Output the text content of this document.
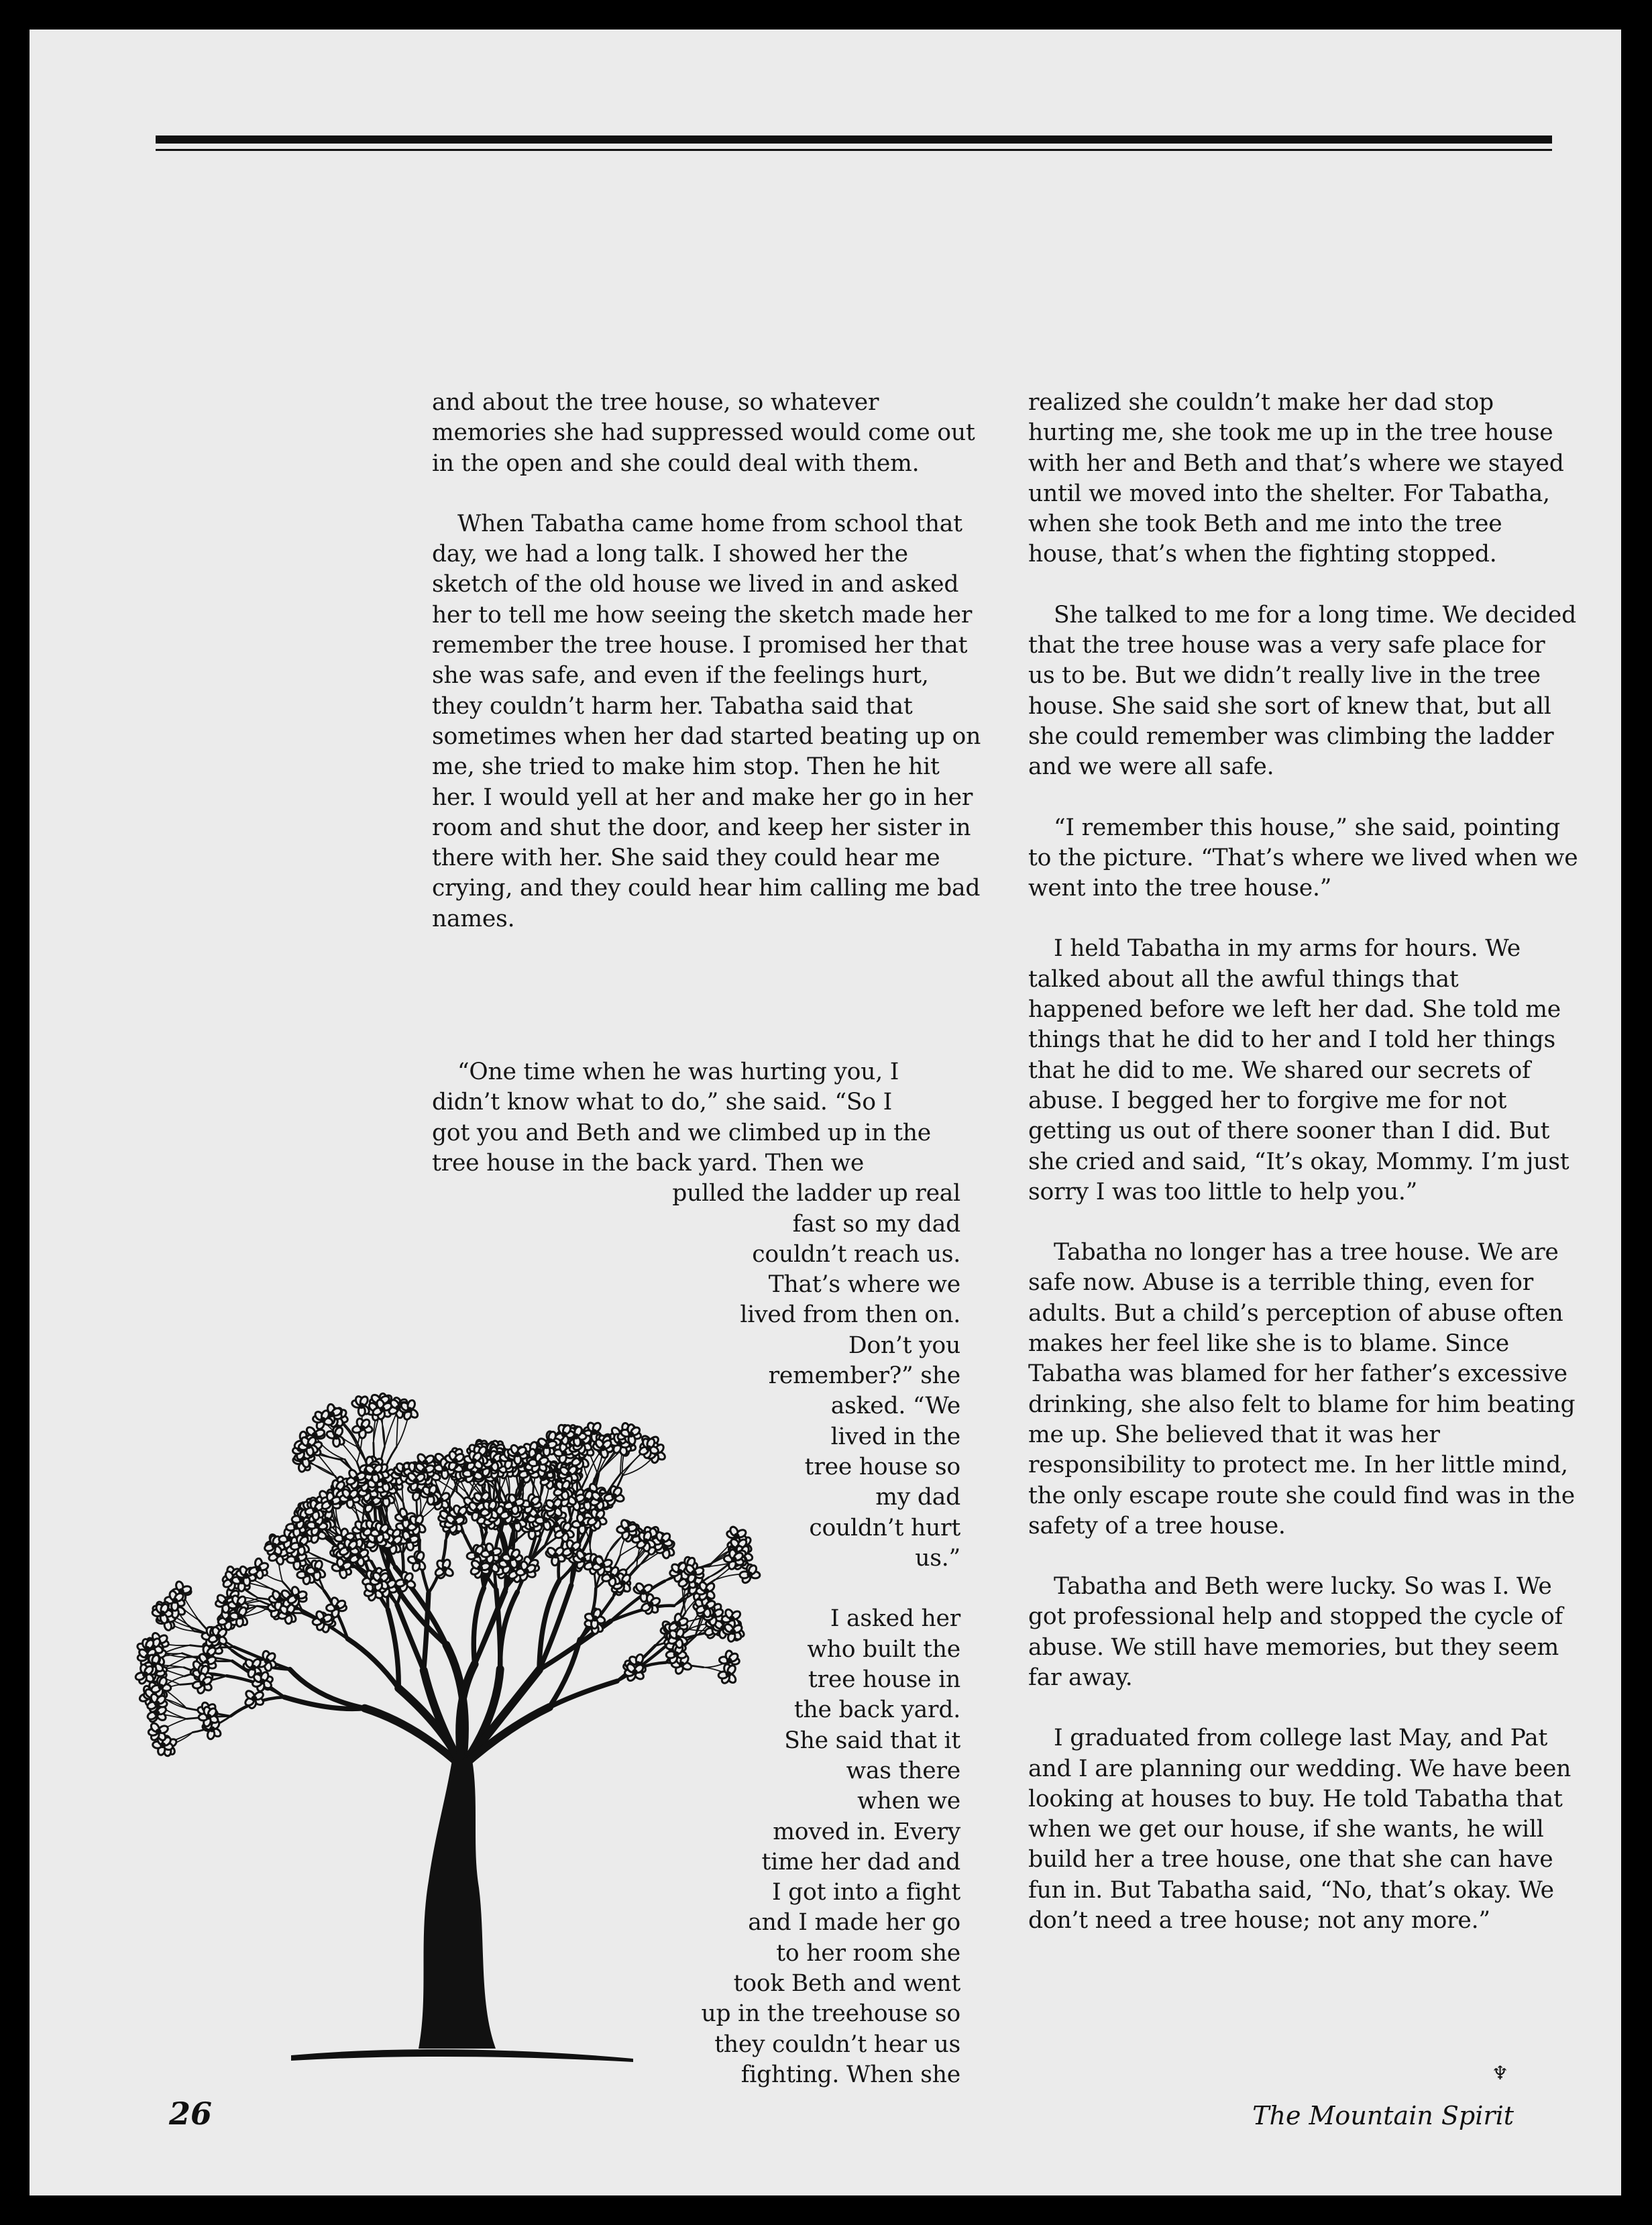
and about the tree house, so whatever memories she had suppressed would come out in the open and she could deal with them.

When Tabatha came home from school that day, we had a long talk. I showed her the sketch of the old house we lived in and asked her to tell me how seeing the sketch made her remember the tree house. I promised her that she was safe, and even if the feelings hurt, they couldn’t harm her. Tabatha said that sometimes when her dad started beating up on me, she tried to make him stop. Then he hit her. I would yell at her and make her go in her room and shut the door, and keep her sister in there with her. She said they could hear me crying, and they could hear him calling me bad names.

“One time when he was hurting you, I
didn’t know what to do,” she said. “So I
got you and Beth and we climbed up in the
tree house in the back yard. Then we
pulled the ladder up real
fast so my dad
couldn’t reach us.
That’s where we
lived from then on.
Don’t you
remember?” she
asked. “We
lived in the
tree house so
my dad
couldn’t hurt
us.”
I asked her
who built the
tree house in
the back yard.
She said that it
was there
when we
moved in. Every
time her dad and
I got into a fight
and I made her go
to her room she
took Beth and went
up in the treehouse so
they couldn’t hear us
fighting. When she

realized she couldn’t make her dad stop hurting me, she took me up in the tree house with her and Beth and that’s where we stayed until we moved into the shelter. For Tabatha, when she took Beth and me into the tree house, that’s when the fighting stopped.

She talked to me for a long time. We decided that the tree house was a very safe place for us to be. But we didn’t really live in the tree house. She said she sort of knew that, but all she could remember was climbing the ladder and we were all safe.

“I remember this house,” she said, pointing to the picture. “That’s where we lived when we went into the tree house.”

I held Tabatha in my arms for hours. We talked about all the awful things that happened before we left her dad. She told me things that he did to her and I told her things that he did to me. We shared our secrets of abuse. I begged her to forgive me for not getting us out of there sooner than I did. But she cried and said, “It’s okay, Mommy. I’m just sorry I was too little to help you.”

Tabatha no longer has a tree house. We are safe now. Abuse is a terrible thing, even for adults. But a child’s perception of abuse often makes her feel like she is to blame. Since Tabatha was blamed for her father’s excessive drinking, she also felt to blame for him beating me up. She believed that it was her responsibility to protect me. In her little mind, the only escape route she could find was in the safety of a tree house.

Tabatha and Beth were lucky. So was I. We got professional help and stopped the cycle of abuse. We still have memories, but they seem far away.

I graduated from college last May, and Pat and I are planning our wedding. We have been looking at houses to buy. He told Tabatha that when we get our house, if she wants, he will build her a tree house, one that she can have fun in. But Tabatha said, “No, that’s okay. We don’t need a tree house; not any more.”

♆
26	The Mountain Spirit
